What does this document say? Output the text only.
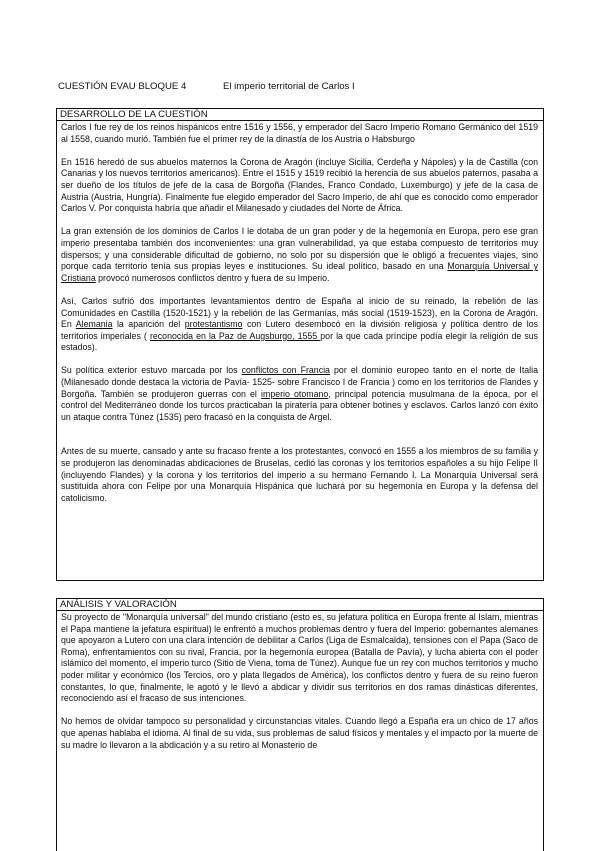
CUESTIÓN EVAU BLOQUE 4	El imperio territorial de Carlos I
DESARROLLO DE LA CUESTIÓN

Carlos I fue rey de los reinos hispánicos entre 1516 y 1556, y emperador del Sacro Imperio Romano Germánico del 1519 al 1558, cuando murió. También fue el primer rey de la dinastía de los Austria o Habsburgo

En 1516 heredó de sus abuelos maternos la Corona de Aragón (incluye Sicilia, Cerdeña y Nápoles) y la de Castilla (con Canarias y los nuevos territorios americanos). Entre el 1515 y 1519 recibió la herencia de sus abuelos paternos, pasaba a ser dueño de los títulos de jefe de la casa de Borgoña (Flandes, Franco Condado, Luxemburgo) y jefe de la casa de Austria (Austria, Hungría). Finalmente fue elegido emperador del Sacro Imperio, de ahí que es conocido como emperador Carlos V. Por conquista habría que añadir el Milanesado y ciudades del Norte de África.

La gran extensión de los dominios de Carlos I le dotaba de un gran poder y de la hegemonía en Europa, pero ese gran imperio presentaba también dos inconvenientes: una gran vulnerabilidad, ya que estaba compuesto de territorios muy dispersos; y una considerable dificultad de gobierno, no solo por su dispersión que le obligó a frecuentes viajes, sino porque cada territorio tenía sus propias leyes e instituciones. Su ideal político, basado en una Monarquía Universal y Cristiana provocó numerosos conflictos dentro y fuera de su Imperio.

Así, Carlos sufrió dos importantes levantamientos dentro de España al inicio de su reinado, la rebelión de las Comunidades en Castilla (1520-1521) y la rebelión de las Germanías, más social (1519-1523), en la Corona de Aragón. En Alemania la aparición del protestantismo con Lutero desembocó en la división religiosa y política dentro de los territorios imperiales ( reconocida en la Paz de Augsburgo, 1555 por la que cada príncipe podía elegir la religión de sus estados).

Su política exterior estuvo marcada por los conflictos con Francia por el dominio europeo tanto en el norte de Italia (Milanesado donde destaca la victoria de Pavía- 1525- sobre Francisco I de Francia ) como en los territorios de Flandes y Borgoña. También se produjeron guerras con el imperio otomano, principal potencia musulmana de la época, por el control del Mediterráneo donde los turcos practicaban la piratería para obtener botines y esclavos. Carlos lanzó con éxito un ataque contra Túnez (1535) pero fracasó en la conquista de Argel.

Antes de su muerte, cansado y ante su fracaso frente a los protestantes, convocó en 1555 a los miembros de su familia y se produjeron las denominadas abdicaciones de Bruselas, cedió las coronas y los territorios españoles a su hijo Felipe II (incluyendo Flandes) y la corona y los territorios del imperio a su hermano Fernando I. La Monarquía Universal será sustituida ahora con Felipe por una Monarquía Hispánica que luchará por su hegemonía en Europa y la defensa del catolicismo.

ANÁLISIS Y VALORACIÓN

Su proyecto de "Monarquía universal" del mundo cristiano (esto es, su jefatura política en Europa frente al Islam, mientras el Papa mantiene la jefatura espiritual) le enfrentó a muchos problemas dentro y fuera del Imperio: gobernantes alemanes que apoyaron a Lutero con una clara intención de debilitar a Carlos (Liga de Esmalcalda), tensiones con el Papa (Saco de Roma), enfrentamientos con su rival, Francia, por la hegemonía europea (Batalla de Pavía), y lucha abierta con el poder islámico del momento, el imperio turco (Sitio de Viena, toma de Túnez). Aunque fue un rey con muchos territorios y mucho poder militar y económico (los Tercios, oro y plata llegados de América), los conflictos dentro y fuera de su reino fueron constantes, lo que, finalmente, le agotó y le llevó a abdicar y dividir sus territorios en dos ramas dinásticas diferentes, reconociendo así el fracaso de sus intenciones.

No hemos de olvidar tampoco su personalidad y circunstancias vitales. Cuando llegó a España era un chico de 17 años que apenas hablaba el idioma. Al final de su vida, sus problemas de salud físicos y mentales y el impacto por la muerte de su madre lo llevaron a la abdicación y a su retiro al Monasterio de
